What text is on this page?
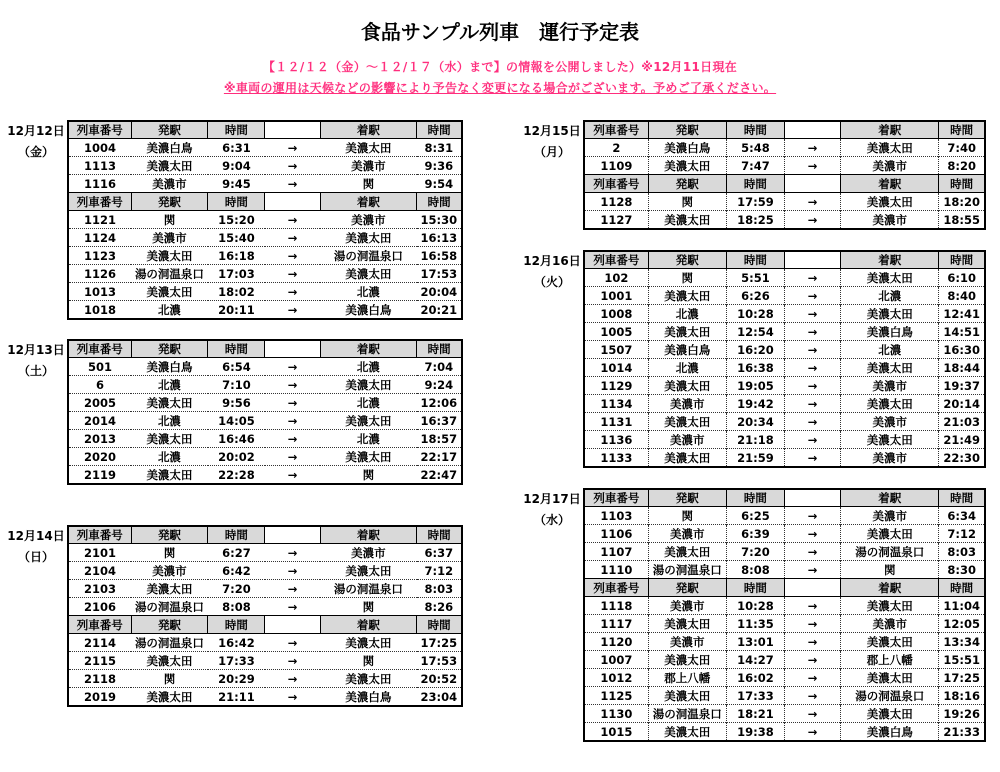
食品サンプル列車　運行予定表
【１２/１２（金）～１２/１７（水）まで】の情報を公開しました）※12月11日現在
※車両の運用は天候などの影響により予告なく変更になる場合がございます。予めご了承ください。
12月12日
（金）
列車番号	発駅	時間		着駅	時間
1004	美濃白鳥	6:31	→	美濃太田	8:31
1113	美濃太田	9:04	→	美濃市	9:36
1116	美濃市	9:45	→	関	9:54
列車番号	発駅	時間		着駅	時間
1121	関	15:20	→	美濃市	15:30
1124	美濃市	15:40	→	美濃太田	16:13
1123	美濃太田	16:18	→	湯の洞温泉口	16:58
1126	湯の洞温泉口	17:03	→	美濃太田	17:53
1013	美濃太田	18:02	→	北濃	20:04
1018	北濃	20:11	→	美濃白鳥	20:21
12月13日
（土）
列車番号	発駅	時間		着駅	時間
501	美濃白鳥	6:54	→	北濃	7:04
6	北濃	7:10	→	美濃太田	9:24
2005	美濃太田	9:56	→	北濃	12:06
2014	北濃	14:05	→	美濃太田	16:37
2013	美濃太田	16:46	→	北濃	18:57
2020	北濃	20:02	→	美濃太田	22:17
2119	美濃太田	22:28	→	関	22:47
12月14日
（日）
列車番号	発駅	時間		着駅	時間
2101	関	6:27	→	美濃市	6:37
2104	美濃市	6:42	→	美濃太田	7:12
2103	美濃太田	7:20	→	湯の洞温泉口	8:03
2106	湯の洞温泉口	8:08	→	関	8:26
列車番号	発駅	時間		着駅	時間
2114	湯の洞温泉口	16:42	→	美濃太田	17:25
2115	美濃太田	17:33	→	関	17:53
2118	関	20:29	→	美濃太田	20:52
2019	美濃太田	21:11	→	美濃白鳥	23:04
12月15日
（月）
列車番号	発駅	時間		着駅	時間
2	美濃白鳥	5:48	→	美濃太田	7:40
1109	美濃太田	7:47	→	美濃市	8:20
列車番号	発駅	時間		着駅	時間
1128	関	17:59	→	美濃太田	18:20
1127	美濃太田	18:25	→	美濃市	18:55
12月16日
（火）
列車番号	発駅	時間		着駅	時間
102	関	5:51	→	美濃太田	6:10
1001	美濃太田	6:26	→	北濃	8:40
1008	北濃	10:28	→	美濃太田	12:41
1005	美濃太田	12:54	→	美濃白鳥	14:51
1507	美濃白鳥	16:20	→	北濃	16:30
1014	北濃	16:38	→	美濃太田	18:44
1129	美濃太田	19:05	→	美濃市	19:37
1134	美濃市	19:42	→	美濃太田	20:14
1131	美濃太田	20:34	→	美濃市	21:03
1136	美濃市	21:18	→	美濃太田	21:49
1133	美濃太田	21:59	→	美濃市	22:30
12月17日
（水）
列車番号	発駅	時間		着駅	時間
1103	関	6:25	→	美濃市	6:34
1106	美濃市	6:39	→	美濃太田	7:12
1107	美濃太田	7:20	→	湯の洞温泉口	8:03
1110	湯の洞温泉口	8:08	→	関	8:30
列車番号	発駅	時間		着駅	時間
1118	美濃市	10:28	→	美濃太田	11:04
1117	美濃太田	11:35	→	美濃市	12:05
1120	美濃市	13:01	→	美濃太田	13:34
1007	美濃太田	14:27	→	郡上八幡	15:51
1012	郡上八幡	16:02	→	美濃太田	17:25
1125	美濃太田	17:33	→	湯の洞温泉口	18:16
1130	湯の洞温泉口	18:21	→	美濃太田	19:26
1015	美濃太田	19:38	→	美濃白鳥	21:33
